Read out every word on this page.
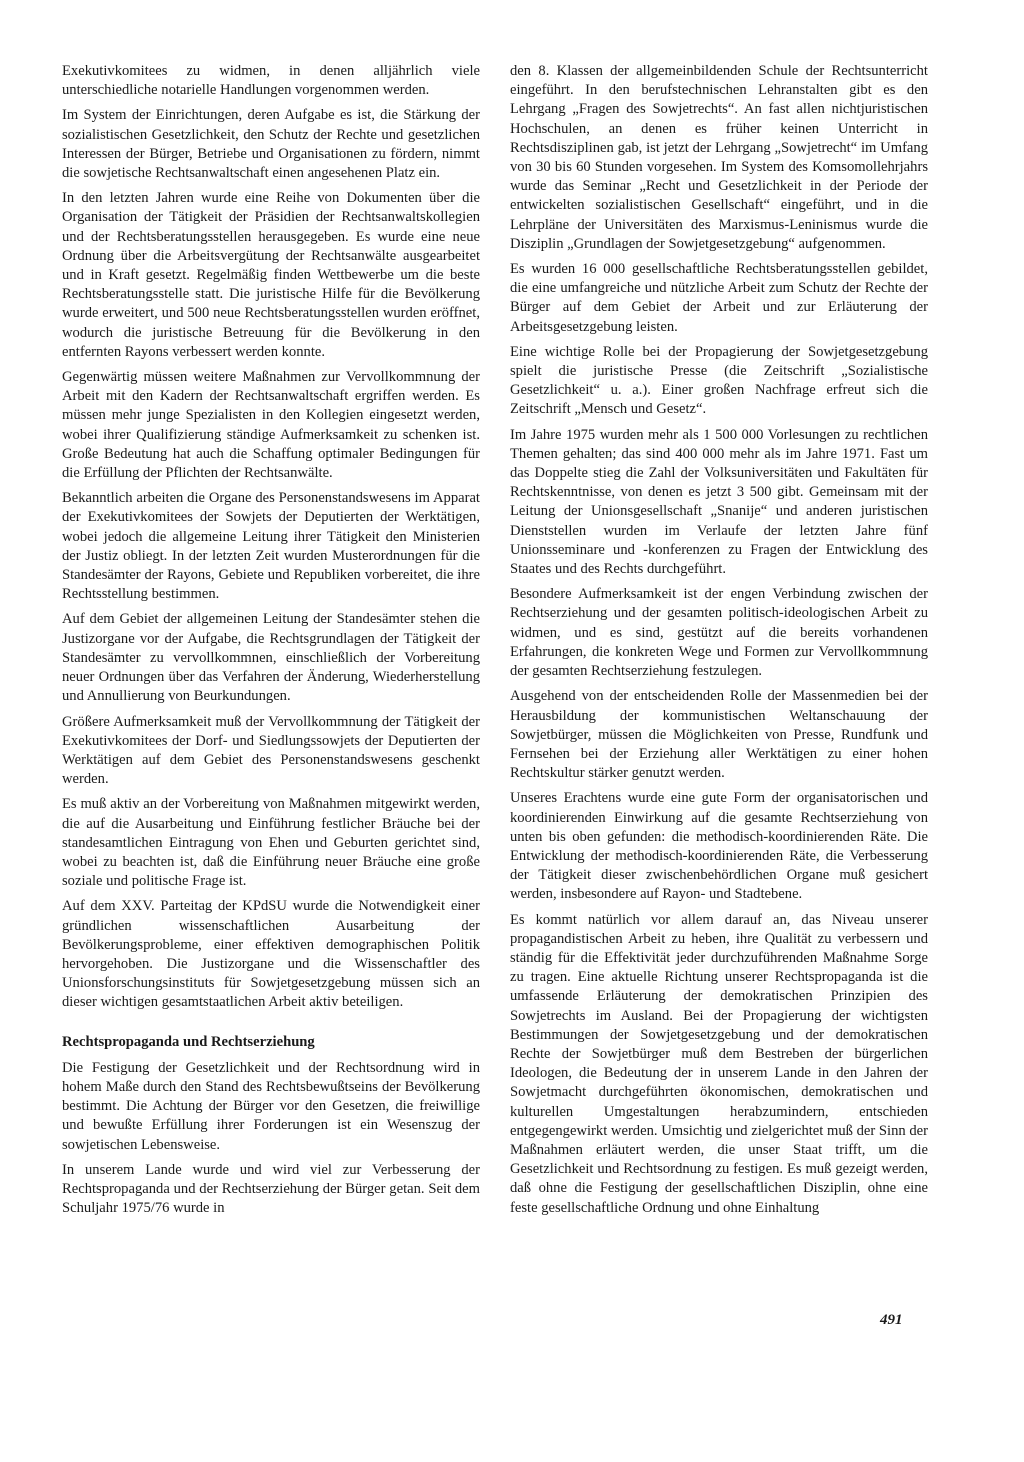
Exekutivkomitees zu widmen, in denen alljährlich viele unterschiedliche notarielle Handlungen vorgenommen werden.

Im System der Einrichtungen, deren Aufgabe es ist, die Stärkung der sozialistischen Gesetzlichkeit, den Schutz der Rechte und gesetzlichen Interessen der Bürger, Betriebe und Organisationen zu fördern, nimmt die sowjetische Rechtsanwaltschaft einen angesehenen Platz ein.

In den letzten Jahren wurde eine Reihe von Dokumenten über die Organisation der Tätigkeit der Präsidien der Rechtsanwaltskollegien und der Rechtsberatungsstellen herausgegeben. Es wurde eine neue Ordnung über die Arbeitsvergütung der Rechtsanwälte ausgearbeitet und in Kraft gesetzt. Regelmäßig finden Wettbewerbe um die beste Rechtsberatungsstelle statt. Die juristische Hilfe für die Bevölkerung wurde erweitert, und 500 neue Rechtsberatungsstellen wurden eröffnet, wodurch die juristische Betreuung für die Bevölkerung in den entfernten Rayons verbessert werden konnte.

Gegenwärtig müssen weitere Maßnahmen zur Vervollkommnung der Arbeit mit den Kadern der Rechtsanwaltschaft ergriffen werden. Es müssen mehr junge Spezialisten in den Kollegien eingesetzt werden, wobei ihrer Qualifizierung ständige Aufmerksamkeit zu schenken ist. Große Bedeutung hat auch die Schaffung optimaler Bedingungen für die Erfüllung der Pflichten der Rechtsanwälte.

Bekanntlich arbeiten die Organe des Personenstandswesens im Apparat der Exekutivkomitees der Sowjets der Deputierten der Werktätigen, wobei jedoch die allgemeine Leitung ihrer Tätigkeit den Ministerien der Justiz obliegt. In der letzten Zeit wurden Musterordnungen für die Standesämter der Rayons, Gebiete und Republiken vorbereitet, die ihre Rechtsstellung bestimmen.

Auf dem Gebiet der allgemeinen Leitung der Standesämter stehen die Justizorgane vor der Aufgabe, die Rechtsgrundlagen der Tätigkeit der Standesämter zu vervollkommnen, einschließlich der Vorbereitung neuer Ordnungen über das Verfahren der Änderung, Wiederherstellung und Annullierung von Beurkundungen.

Größere Aufmerksamkeit muß der Vervollkommnung der Tätigkeit der Exekutivkomitees der Dorf- und Siedlungssowjets der Deputierten der Werktätigen auf dem Gebiet des Personenstandswesens geschenkt werden.

Es muß aktiv an der Vorbereitung von Maßnahmen mitgewirkt werden, die auf die Ausarbeitung und Einführung festlicher Bräuche bei der standesamtlichen Eintragung von Ehen und Geburten gerichtet sind, wobei zu beachten ist, daß die Einführung neuer Bräuche eine große soziale und politische Frage ist.

Auf dem XXV. Parteitag der KPdSU wurde die Notwendigkeit einer gründlichen wissenschaftlichen Ausarbeitung der Bevölkerungsprobleme, einer effektiven demographischen Politik hervorgehoben. Die Justizorgane und die Wissenschaftler des Unionsforschungsinstituts für Sowjetgesetzgebung müssen sich an dieser wichtigen gesamtstaatlichen Arbeit aktiv beteiligen.

Rechtspropaganda und Rechtserziehung

Die Festigung der Gesetzlichkeit und der Rechtsordnung wird in hohem Maße durch den Stand des Rechtsbewußtseins der Bevölkerung bestimmt. Die Achtung der Bürger vor den Gesetzen, die freiwillige und bewußte Erfüllung ihrer Forderungen ist ein Wesenszug der sowjetischen Lebensweise.

In unserem Lande wurde und wird viel zur Verbesserung der Rechtspropaganda und der Rechtserziehung der Bürger getan. Seit dem Schuljahr 1975/76 wurde in

den 8. Klassen der allgemeinbildenden Schule der Rechtsunterricht eingeführt. In den berufstechnischen Lehranstalten gibt es den Lehrgang „Fragen des Sowjetrechts“. An fast allen nichtjuristischen Hochschulen, an denen es früher keinen Unterricht in Rechtsdisziplinen gab, ist jetzt der Lehrgang „Sowjetrecht“ im Umfang von 30 bis 60 Stunden vorgesehen. Im System des Komsomollehrjahrs wurde das Seminar „Recht und Gesetzlichkeit in der Periode der entwickelten sozialistischen Gesellschaft“ eingeführt, und in die Lehrpläne der Universitäten des Marxismus-Leninismus wurde die Disziplin „Grundlagen der Sowjetgesetzgebung“ aufgenommen.

Es wurden 16 000 gesellschaftliche Rechtsberatungsstellen gebildet, die eine umfangreiche und nützliche Arbeit zum Schutz der Rechte der Bürger auf dem Gebiet der Arbeit und zur Erläuterung der Arbeitsgesetzgebung leisten.

Eine wichtige Rolle bei der Propagierung der Sowjetgesetzgebung spielt die juristische Presse (die Zeitschrift „Sozialistische Gesetzlichkeit“ u. a.). Einer großen Nachfrage erfreut sich die Zeitschrift „Mensch und Gesetz“.

Im Jahre 1975 wurden mehr als 1 500 000 Vorlesungen zu rechtlichen Themen gehalten; das sind 400 000 mehr als im Jahre 1971. Fast um das Doppelte stieg die Zahl der Volksuniversitäten und Fakultäten für Rechtskenntnisse, von denen es jetzt 3 500 gibt. Gemeinsam mit der Leitung der Unionsgesellschaft „Snanije“ und anderen juristischen Dienststellen wurden im Verlaufe der letzten Jahre fünf Unionsseminare und -konferenzen zu Fragen der Entwicklung des Staates und des Rechts durchgeführt.

Besondere Aufmerksamkeit ist der engen Verbindung zwischen der Rechtserziehung und der gesamten politisch-ideologischen Arbeit zu widmen, und es sind, gestützt auf die bereits vorhandenen Erfahrungen, die konkreten Wege und Formen zur Vervollkommnung der gesamten Rechtserziehung festzulegen.

Ausgehend von der entscheidenden Rolle der Massenmedien bei der Herausbildung der kommunistischen Weltanschauung der Sowjetbürger, müssen die Möglichkeiten von Presse, Rundfunk und Fernsehen bei der Erziehung aller Werktätigen zu einer hohen Rechtskultur stärker genutzt werden.

Unseres Erachtens wurde eine gute Form der organisatorischen und koordinierenden Einwirkung auf die gesamte Rechtserziehung von unten bis oben gefunden: die methodisch-koordinierenden Räte. Die Entwicklung der methodisch-koordinierenden Räte, die Verbesserung der Tätigkeit dieser zwischenbehördlichen Organe muß gesichert werden, insbesondere auf Rayon- und Stadtebene.

Es kommt natürlich vor allem darauf an, das Niveau unserer propagandistischen Arbeit zu heben, ihre Qualität zu verbessern und ständig für die Effektivität jeder durchzuführenden Maßnahme Sorge zu tragen. Eine aktuelle Richtung unserer Rechtspropaganda ist die umfassende Erläuterung der demokratischen Prinzipien des Sowjetrechts im Ausland. Bei der Propagierung der wichtigsten Bestimmungen der Sowjetgesetzgebung und der demokratischen Rechte der Sowjetbürger muß dem Bestreben der bürgerlichen Ideologen, die Bedeutung der in unserem Lande in den Jahren der Sowjetmacht durchgeführten ökonomischen, demokratischen und kulturellen Umgestaltungen herabzumindern, entschieden entgegengewirkt werden. Umsichtig und zielgerichtet muß der Sinn der Maßnahmen erläutert werden, die unser Staat trifft, um die Gesetzlichkeit und Rechtsordnung zu festigen. Es muß gezeigt werden, daß ohne die Festigung der gesellschaftlichen Disziplin, ohne eine feste gesellschaftliche Ordnung und ohne Einhaltung

491
